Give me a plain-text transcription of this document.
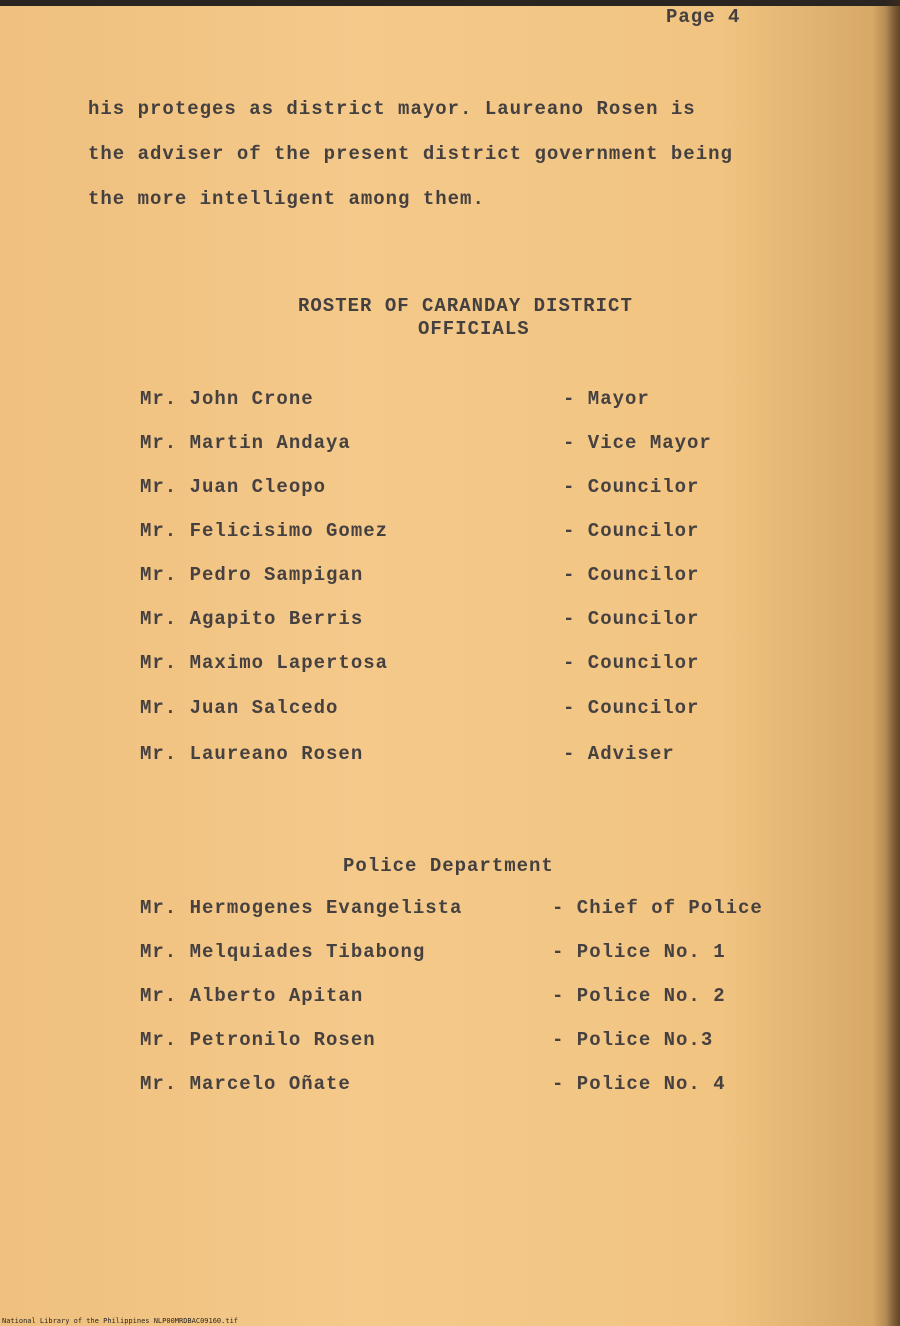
Page 4
his proteges as district mayor. Laureano Rosen is
the adviser of the present district government being
the more intelligent among them.
ROSTER OF CARANDAY DISTRICT
OFFICIALS
Mr. John Crone	- Mayor
Mr. Martin Andaya	- Vice Mayor
Mr. Juan Cleopo	- Councilor
Mr. Felicisimo Gomez	- Councilor
Mr. Pedro Sampigan	- Councilor
Mr. Agapito Berris	- Councilor
Mr. Maximo Lapertosa	- Councilor
Mr. Juan Salcedo	- Councilor
Mr. Laureano Rosen	- Adviser
Police Department
Mr. Hermogenes Evangelista	- Chief of Police
Mr. Melquiades Tibabong	- Police No. 1
Mr. Alberto Apitan	- Police No. 2
Mr. Petronilo Rosen	- Police No.3
Mr. Marcelo Oñate	- Police No. 4
National Library of the Philippines NLP00MRDBAC09160.tif
